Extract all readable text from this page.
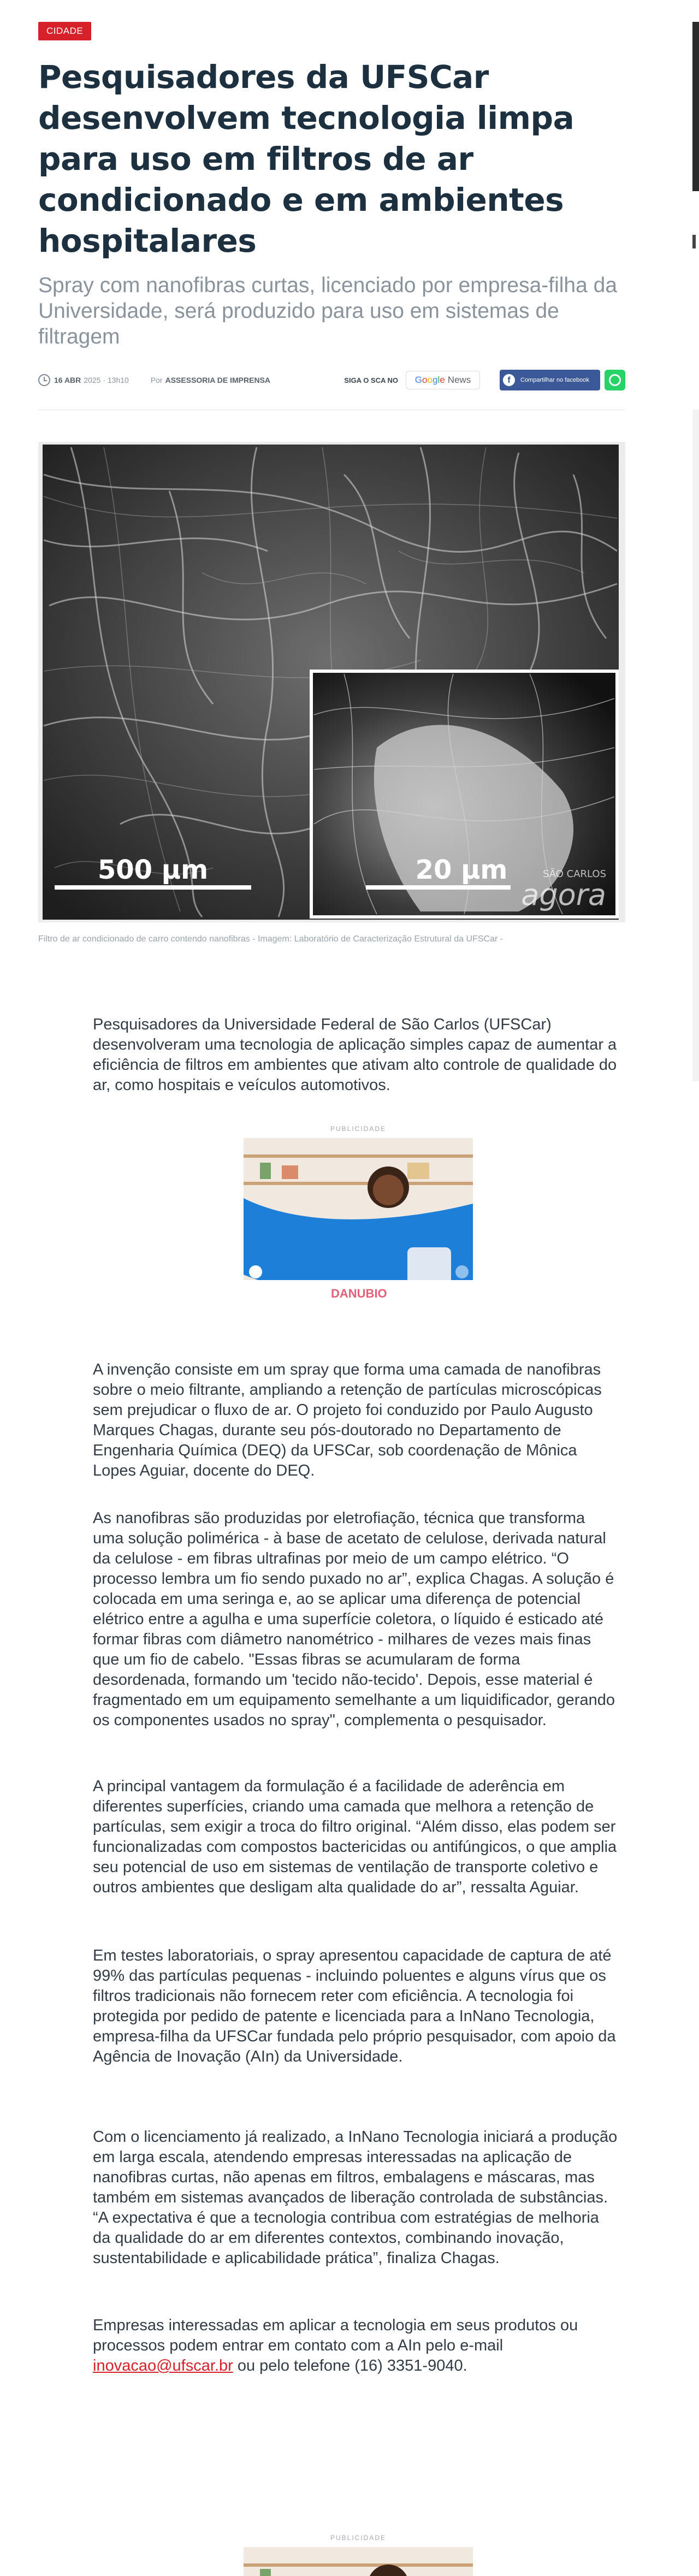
CIDADE
Pesquisadores da UFSCar desenvolvem tecnologia limpa para uso em filtros de ar condicionado e em ambientes hospitalares

Spray com nanofibras curtas, licenciado por empresa-filha da Universidade, será produzido para uso em sistemas de filtragem

16 ABR 2025 · 13h10	Por ASSESSORIA DE IMPRENSA	SIGA O SCA NO G o o g l e News	f	Compartilhar no facebook
500 µm	20 µm	SÃO CARLOS
agora

Filtro de ar condicionado de carro contendo nanofibras - Imagem: Laboratório de Caracterização Estrutural da UFSCar -

Pesquisadores da Universidade Federal de São Carlos (UFSCar) desenvolveram uma tecnologia de aplicação simples capaz de aumentar a eficiência de filtros em ambientes que ativam alto controle de qualidade do ar, como hospitais e veículos automotivos.

PUBLICIDADE
DANUBIO

A invenção consiste em um spray que forma uma camada de nanofibras sobre o meio filtrante, ampliando a retenção de partículas microscópicas sem prejudicar o fluxo de ar. O projeto foi conduzido por Paulo Augusto Marques Chagas, durante seu pós-doutorado no Departamento de Engenharia Química (DEQ) da UFSCar, sob coordenação de Mônica Lopes Aguiar, docente do DEQ.

As nanofibras são produzidas por eletrofiação, técnica que transforma uma solução polimérica - à base de acetato de celulose, derivada natural da celulose - em fibras ultrafinas por meio de um campo elétrico. “O processo lembra um fio sendo puxado no ar”, explica Chagas. A solução é colocada em uma seringa e, ao se aplicar uma diferença de potencial elétrico entre a agulha e uma superfície coletora, o líquido é esticado até formar fibras com diâmetro nanométrico - milhares de vezes mais finas que um fio de cabelo. "Essas fibras se acumularam de forma desordenada, formando um 'tecido não-tecido'. Depois, esse material é fragmentado em um equipamento semelhante a um liquidificador, gerando os componentes usados no spray", complementa o pesquisador.

A principal vantagem da formulação é a facilidade de aderência em diferentes superfícies, criando uma camada que melhora a retenção de partículas, sem exigir a troca do filtro original. “Além disso, elas podem ser funcionalizadas com compostos bactericidas ou antifúngicos, o que amplia seu potencial de uso em sistemas de ventilação de transporte coletivo e outros ambientes que desligam alta qualidade do ar”, ressalta Aguiar.

Em testes laboratoriais, o spray apresentou capacidade de captura de até 99% das partículas pequenas - incluindo poluentes e alguns vírus que os filtros tradicionais não fornecem reter com eficiência. A tecnologia foi protegida por pedido de patente e licenciada para a InNano Tecnologia, empresa-filha da UFSCar fundada pelo próprio pesquisador, com apoio da Agência de Inovação (AIn) da Universidade.

Com o licenciamento já realizado, a InNano Tecnologia iniciará a produção em larga escala, atendendo empresas interessadas na aplicação de nanofibras curtas, não apenas em filtros, embalagens e máscaras, mas também em sistemas avançados de liberação controlada de substâncias. “A expectativa é que a tecnologia contribua com estratégias de melhoria da qualidade do ar em diferentes contextos, combinando inovação, sustentabilidade e aplicabilidade prática”, finaliza Chagas.

Empresas interessadas em aplicar a tecnologia em seus produtos ou processos podem entrar em contato com a AIn pelo e-mail inovacao@ufscar.br ou pelo telefone (16) 3351-9040.

PUBLICIDADE
